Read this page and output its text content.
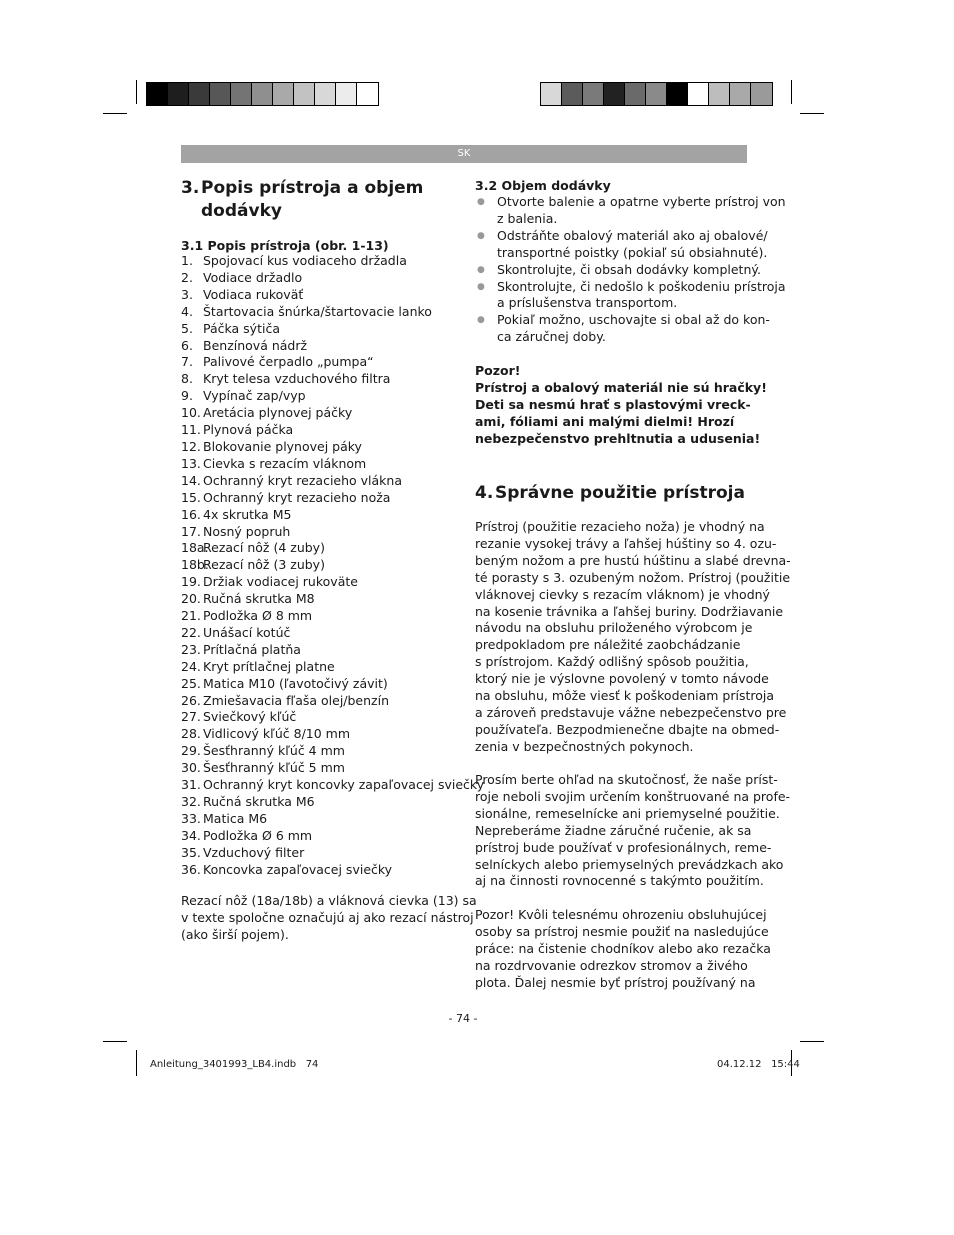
SK
3. Popis prístroja a objem
dodávky
3.1 Popis prístroja (obr. 1-13)
1. Spojovací kus vodiaceho držadla
2. Vodiace držadlo
3. Vodiaca rukoväť
4. Štartovacia šnúrka/štartovacie lanko
5. Páčka sýtiča
6. Benzínová nádrž
7. Palivové čerpadlo „pumpa“
8. Kryt telesa vzduchového filtra
9. Vypínač zap/vyp
10. Aretácia plynovej páčky
11. Plynová páčka
12. Blokovanie plynovej páky
13. Cievka s rezacím vláknom
14. Ochranný kryt rezacieho vlákna
15. Ochranný kryt rezacieho noža
16. 4x skrutka M5
17. Nosný popruh
18a.Rezací nôž (4 zuby)
18b.Rezací nôž (3 zuby)
19. Držiak vodiacej rukoväte
20. Ručná skrutka M8
21. Podložka Ø 8 mm
22. Unášací kotúč
23. Prítlačná platňa
24. Kryt prítlačnej platne
25. Matica M10 (ľavotočivý závit)
26. Zmiešavacia fľaša olej/benzín
27. Sviečkový kľúč
28. Vidlicový kľúč 8/10 mm
29. Šesťhranný kľúč 4 mm
30. Šesťhranný kľúč 5 mm
31. Ochranný kryt koncovky zapaľovacej sviečky
32. Ručná skrutka M6
33. Matica M6
34. Podložka Ø 6 mm
35. Vzduchový filter
36. Koncovka zapaľovacej sviečky
Rezací nôž (18a/18b) a vláknová cievka (13) sa
v texte spoločne označujú aj ako rezací nástroj
(ako širší pojem).
3.2 Objem dodávky
● Otvorte balenie a opatrne vyberte prístroj von
z balenia.
● Odstráňte obalový materiál ako aj obalové/
transportné poistky (pokiaľ sú obsiahnuté).
● Skontrolujte, či obsah dodávky kompletný.
● Skontrolujte, či nedošlo k poškodeniu prístroja
a príslušenstva transportom.
● Pokiaľ možno, uschovajte si obal až do kon-
ca záručnej doby.
Pozor!
Prístroj a obalový materiál nie sú hračky!
Deti sa nesmú hrať s plastovými vreck-
ami, fóliami ani malými dielmi! Hrozí
nebezpečenstvo prehltnutia a udusenia!
4. Správne použitie prístroja
Prístroj (použitie rezacieho noža) je vhodný na
rezanie vysokej trávy a ľahšej húštiny so 4. ozu-
beným nožom a pre hustú húštinu a slabé drevna-
té porasty s 3. ozubeným nožom. Prístroj (použitie
vláknovej cievky s rezacím vláknom) je vhodný
na kosenie trávnika a ľahšej buriny. Dodržiavanie
návodu na obsluhu priloženého výrobcom je
predpokladom pre náležité zaobchádzanie
s prístrojom. Každý odlišný spôsob použitia,
ktorý nie je výslovne povolený v tomto návode
na obsluhu, môže viesť k poškodeniam prístroja
a zároveň predstavuje vážne nebezpečenstvo pre
používateľa. Bezpodmienečne dbajte na obmed-
zenia v bezpečnostných pokynoch.
Prosím berte ohľad na skutočnosť, že naše príst-
roje neboli svojim určením konštruované na profe-
sionálne, remeselnícke ani priemyselné použitie.
Nepreberáme žiadne záručné ručenie, ak sa
prístroj bude používať v profesionálnych, reme-
selníckych alebo priemyselných prevádzkach ako
aj na činnosti rovnocenné s takýmto použitím.
Pozor! Kvôli telesnému ohrozeniu obsluhujúcej
osoby sa prístroj nesmie použiť na nasledujúce
práce: na čistenie chodníkov alebo ako rezačka
na rozdrvovanie odrezkov stromov a živého
plota. Ďalej nesmie byť prístroj používaný na
- 74 -
Anleitung_3401993_LB4.indb   74	04.12.12   15:44
